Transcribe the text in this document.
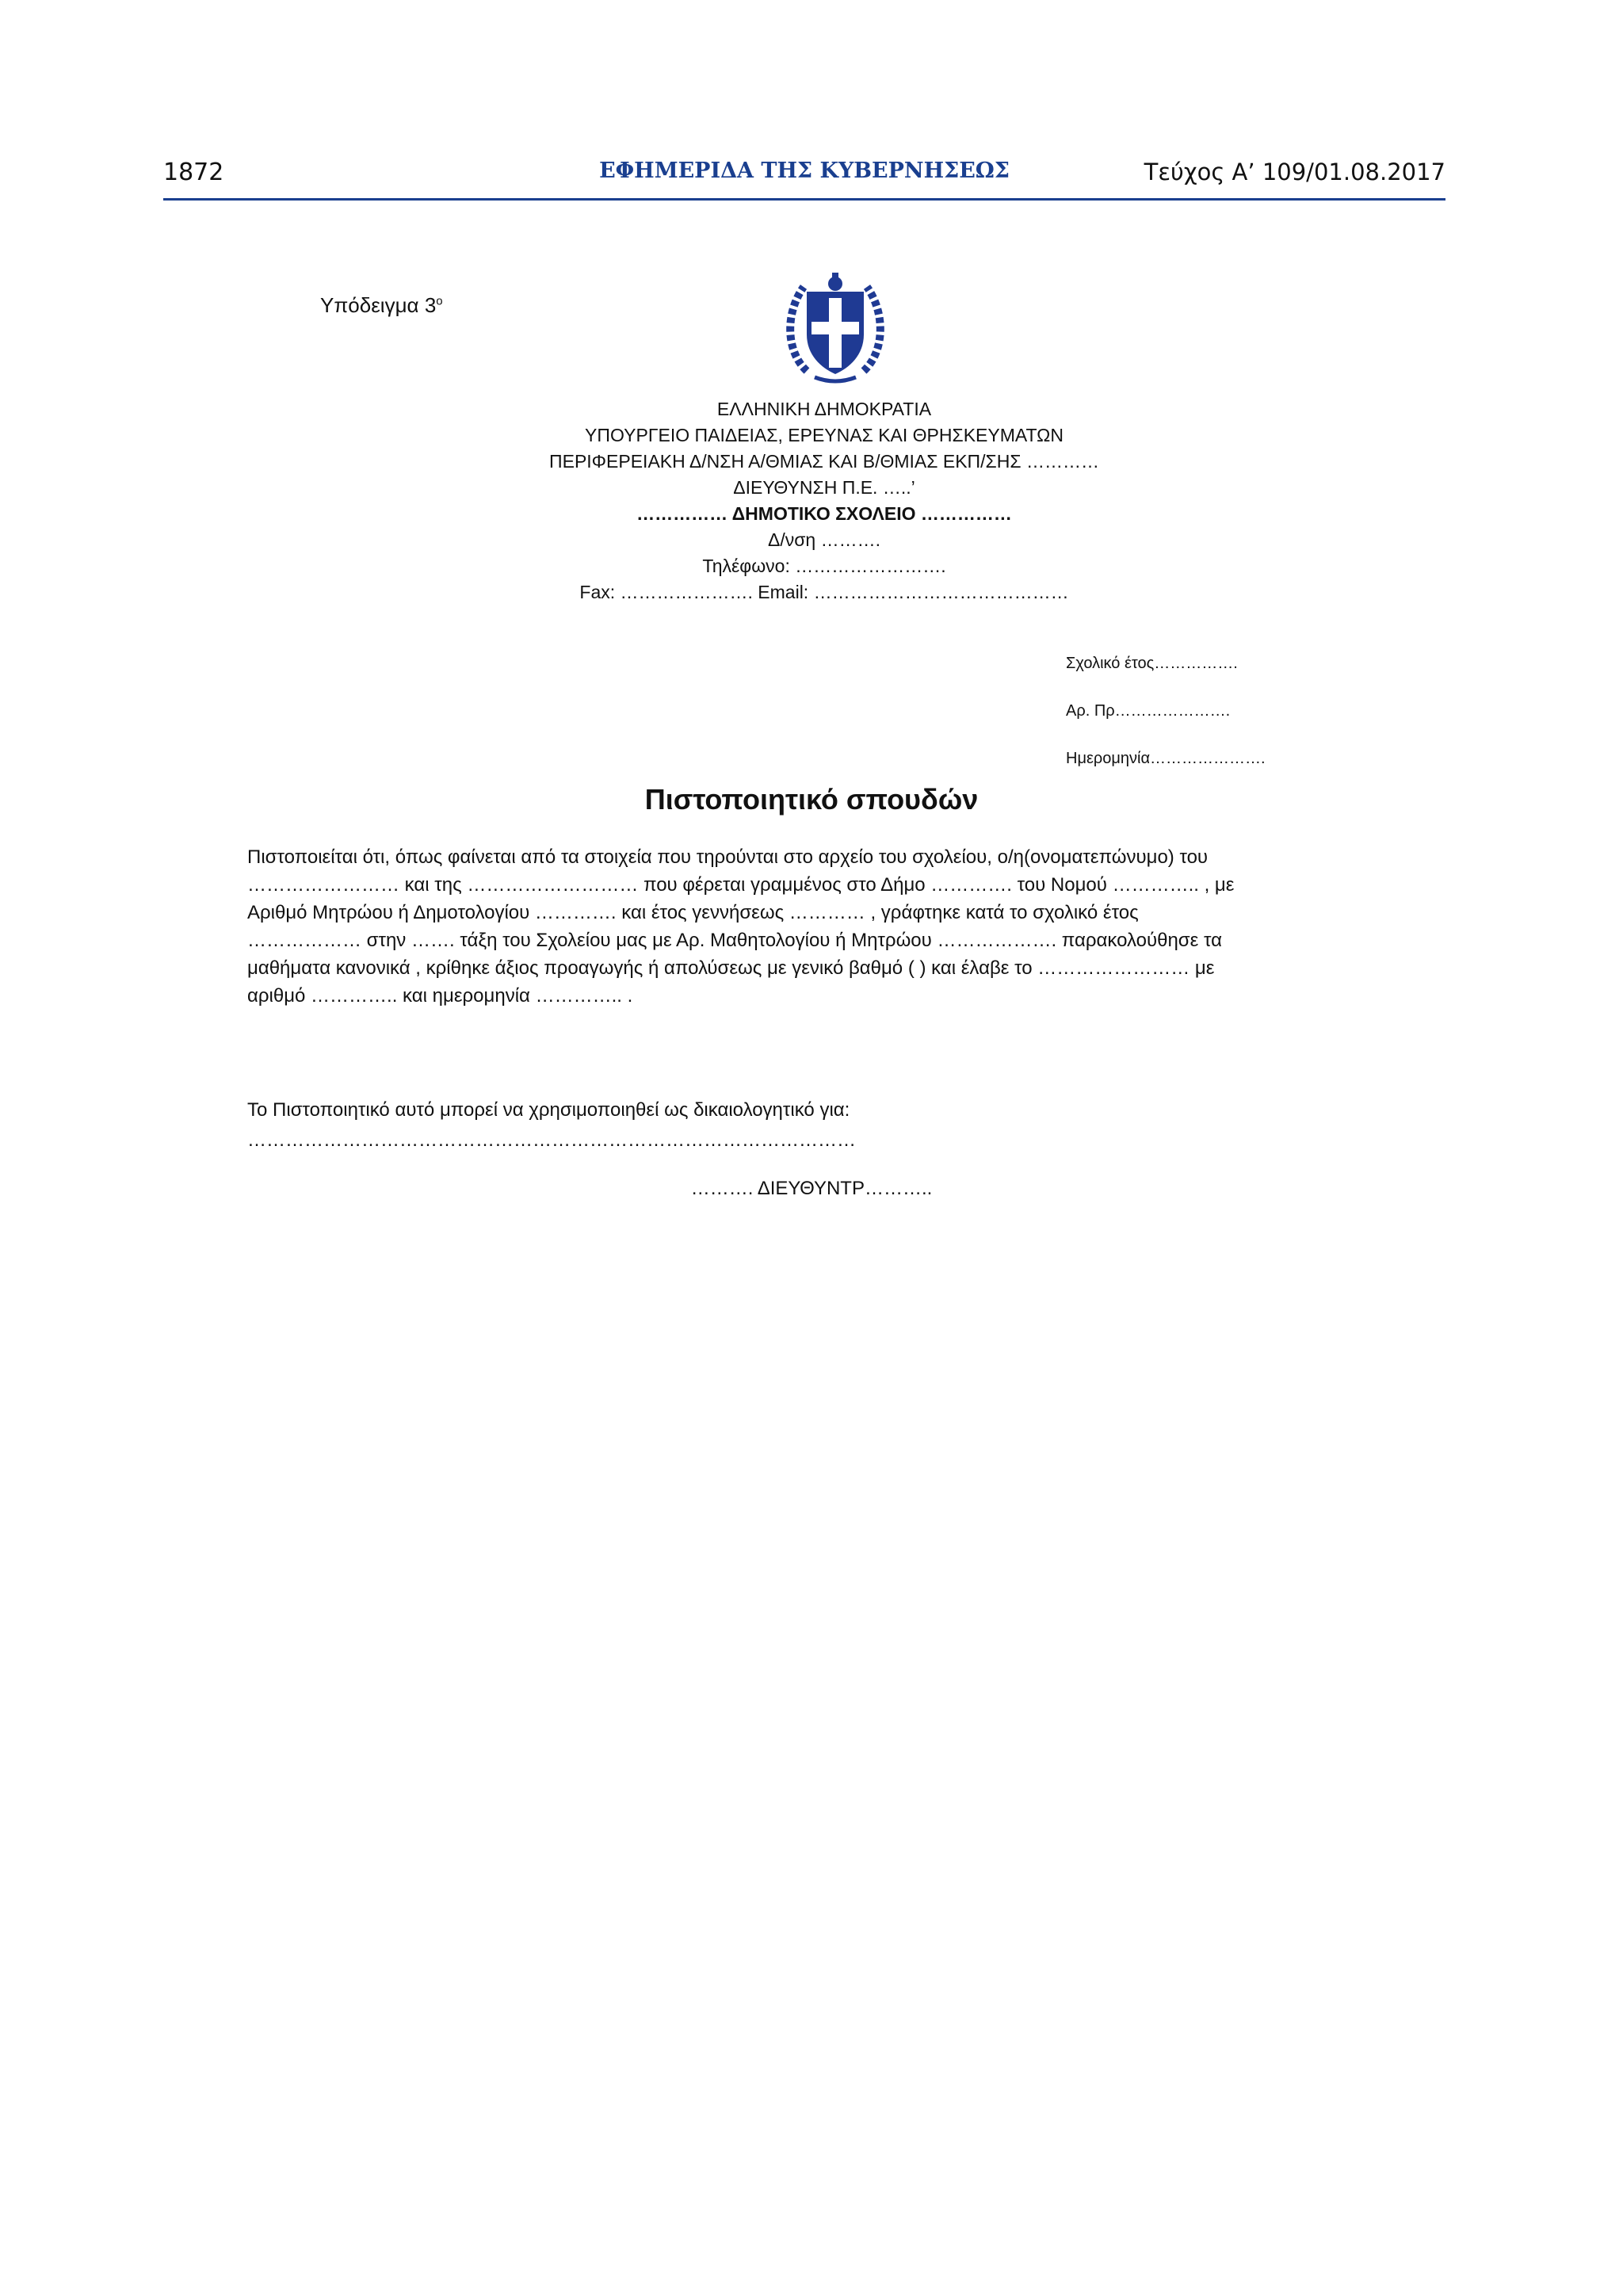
1872	ΕΦΗΜΕΡΙΔΑ ΤΗΣ ΚΥΒΕΡΝΗΣΕΩΣ	Τεύχος A’ 109/01.08.2017
Υπόδειγμα $3^o$
ΕΛΛΗΝΙΚΗ ΔΗΜΟΚΡΑΤΙΑ
ΥΠΟΥΡΓΕΙΟ ΠΑΙΔΕΙΑΣ, ΕΡΕΥΝΑΣ ΚΑΙ ΘΡΗΣΚΕΥΜΑΤΩΝ
ΠΕΡΙΦΕΡΕΙΑΚΗ Δ/ΝΣΗ Α/ΘΜΙΑΣ ΚΑΙ Β/ΘΜΙΑΣ ΕΚΠ/ΣΗΣ …………
ΔΙΕΥΘΥΝΣΗ Π.Ε. …..’
…………… ΔΗΜΟΤΙΚΟ ΣΧΟΛΕΙΟ ……………
Δ/νση ……….
Τηλέφωνο: …………………….
Fax: …………………. Email: ……………………………………
Σχολικό έτος…………….
Αρ. Πρ………………….
Ημερομηνία………………….
Πιστοποιητικό σπουδών
Πιστοποιείται ότι, όπως φαίνεται από τα στοιχεία που τηρούνται στο αρχείο του σχολείου, ο/η(ονοματεπώνυμο) του
…………………… και της ……………………… που φέρεται γραμμένος στο Δήμο …………. του Νομού ………….. , με
Αριθμό Μητρώου ή Δημοτολογίου …………. και έτος γεννήσεως ………… , γράφτηκε κατά το σχολικό έτος
……………… στην ……. τάξη του Σχολείου μας με Αρ. Μαθητολογίου ή Μητρώου ………………. παρακολούθησε τα
μαθήματα κανονικά , κρίθηκε άξιος προαγωγής ή απολύσεως με γενικό βαθμό ( ) και έλαβε το …………………… με
αριθμό ………….. και ημερομηνία ………….. .
Το Πιστοποιητικό αυτό μπορεί να χρησιμοποιηθεί ως δικαιολογητικό για:
……………………………………………………………………………………
………. ΔΙΕΥΘΥΝΤΡ………..
